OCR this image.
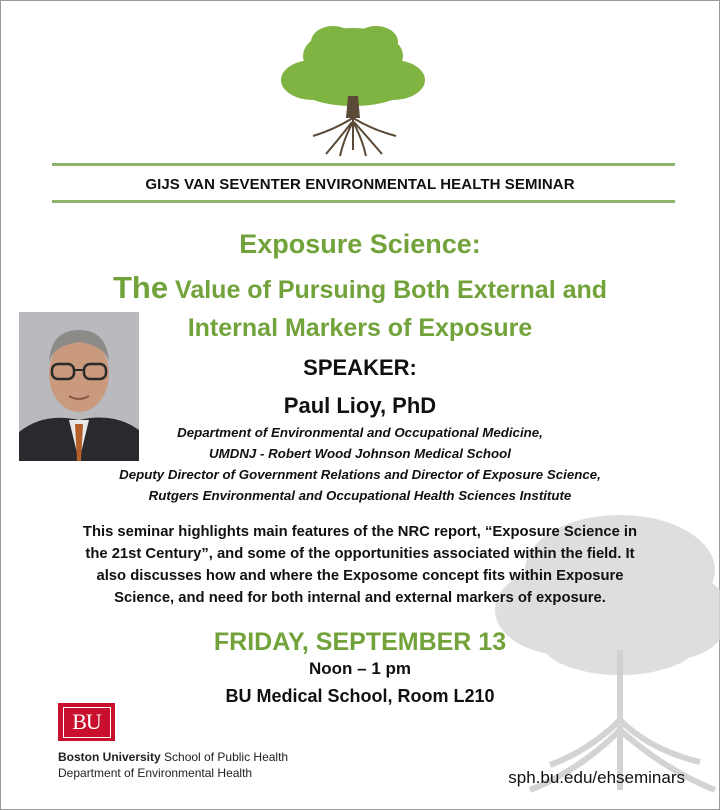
GIJS VAN SEVENTER ENVIRONMENTAL HEALTH SEMINAR
Exposure Science:
The Value of Pursuing Both External and
Internal Markers of Exposure
SPEAKER:
Paul Lioy, PhD
Department of Environmental and Occupational Medicine,
UMDNJ - Robert Wood Johnson Medical School
Deputy Director of Government Relations and Director of Exposure Science,
Rutgers Environmental and Occupational Health Sciences Institute
This seminar highlights main features of the NRC report, “Exposure Science in
the 21st Century”, and some of the opportunities associated within the field. It
also discusses how and where the Exposome concept fits within Exposure
Science, and need for both internal and external markers of exposure.
FRIDAY, SEPTEMBER 13
Noon – 1 pm
BU Medical School, Room L210
BU
Boston University School of Public Health
Department of Environmental Health	sph.bu.edu/ehseminars
